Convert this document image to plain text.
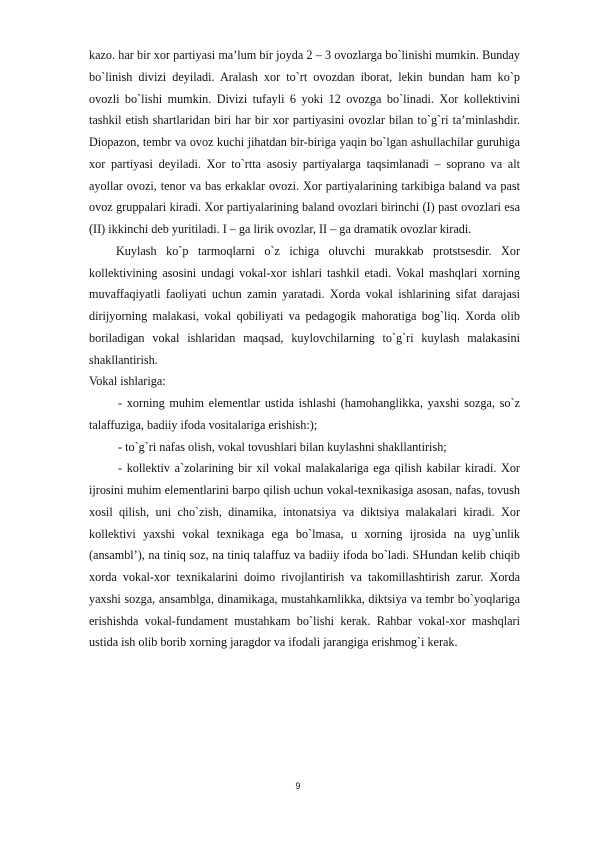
kazo. har bir xor partiyasi ma’lum bir joyda 2 – 3 ovozlarga bo`linishi mumkin. Bunday bo`linish divizi deyiladi. Aralash xor to`rt ovozdan iborat, lekin bundan ham ko`p ovozli bo`lishi mumkin. Divizi tufayli 6 yoki 12 ovozga bo`linadi. Xor kollektivini tashkil etish shartlaridan biri har bir xor partiyasini ovozlar bilan to`g`ri ta’minlashdir. Diopazon, tembr va ovoz kuchi jihatdan bir-biriga yaqin bo`lgan ashullachilar guruhiga xor partiyasi deyiladi. Xor to`rtta asosiy partiyalarga taqsimlanadi – soprano va alt ayollar ovozi, tenor va bas erkaklar ovozi. Xor partiyalarining tarkibiga baland va past ovoz gruppalari kiradi. Xor partiyalarining baland ovozlari birinchi (I) past ovozlari esa (II) ikkinchi deb yuritiladi. I – ga lirik ovozlar, II – ga dramatik ovozlar kiradi.

Kuylash ko`p tarmoqlarni o`z ichiga oluvchi murakkab protstsesdir. Xor kollektivining asosini undagi vokal-xor ishlari tashkil etadi. Vokal mashqlari xorning muvaffaqiyatli faoliyati uchun zamin yaratadi. Xorda vokal ishlarining sifat darajasi dirijyorning malakasi, vokal qobiliyati va pedagogik mahoratiga bog`liq. Xorda olib boriladigan vokal ishlaridan maqsad, kuylovchilarning to`g`ri kuylash malakasini shakllantirish.

Vokal ishlariga:

- xorning muhim elementlar ustida ishlashi (hamohanglikka, yaxshi sozga, so`z talaffuziga, badiiy ifoda vositalariga erishish:);

- to`g`ri nafas olish, vokal tovushlari bilan kuylashni shakllantirish;

- kollektiv a`zolarining bir xil vokal malakalariga ega qilish kabilar kiradi. Xor ijrosini muhim elementlarini barpo qilish uchun vokal-texnikasiga asosan, nafas, tovush xosil qilish, uni cho`zish, dinamika, intonatsiya va diktsiya malakalari kiradi. Xor kollektivi yaxshi vokal texnikaga ega bo`lmasa, u xorning ijrosida na uyg`unlik (ansambl’), na tiniq soz, na tiniq talaffuz va badiiy ifoda bo`ladi. SHundan kelib chiqib xorda vokal-xor texnikalarini doimo rivojlantirish va takomillashtirish zarur. Xorda yaxshi sozga, ansamblga, dinamikaga, mustahkamlikka, diktsiya va tembr bo`yoqlariga erishishda vokal-fundament mustahkam bo`lishi kerak. Rahbar vokal-xor mashqlari ustida ish olib borib xorning jaragdor va ifodali jarangiga erishmog`i kerak.

9
